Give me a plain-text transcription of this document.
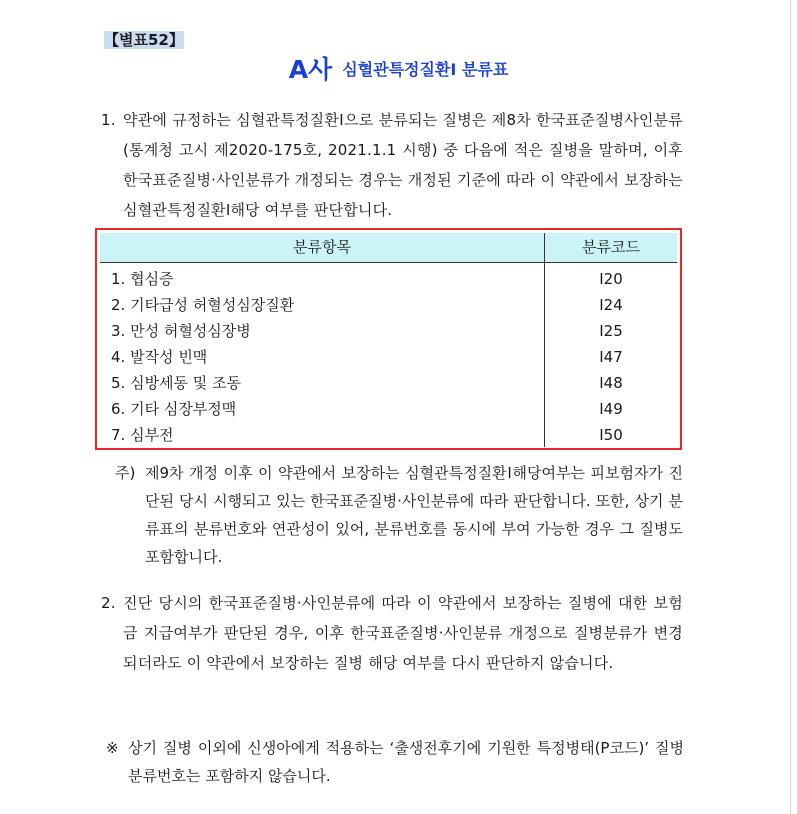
【별표52】
A사 심혈관특정질환Ⅰ 분류표
1. 약관에 규정하는 심혈관특정질환Ⅰ으로 분류되는 질병은 제8차 한국표준질병사인분류(통계청 고시 제2020-175호, 2021.1.1 시행) 중 다음에 적은 질병을 말하며, 이후 한국표준질병·사인분류가 개정되는 경우는 개정된 기준에 따라 이 약관에서 보장하는 심혈관특정질환Ⅰ해당 여부를 판단합니다.
분류항목	분류코드
1. 협심증	I20
2. 기타급성 허혈성심장질환	I24
3. 만성 허혈성심장병	I25
4. 발작성 빈맥	I47
5. 심방세동 및 조동	I48
6. 기타 심장부정맥	I49
7. 심부전	I50
주) 제9차 개정 이후 이 약관에서 보장하는 심혈관특정질환Ⅰ해당여부는 피보험자가 진단된 당시 시행되고 있는 한국표준질병·사인분류에 따라 판단합니다. 또한, 상기 분류표의 분류번호와 연관성이 있어, 분류번호를 동시에 부여 가능한 경우 그 질병도 포함합니다.
2. 진단 당시의 한국표준질병·사인분류에 따라 이 약관에서 보장하는 질병에 대한 보험금 지급여부가 판단된 경우, 이후 한국표준질병·사인분류 개정으로 질병분류가 변경되더라도 이 약관에서 보장하는 질병 해당 여부를 다시 판단하지 않습니다.
※ 상기 질병 이외에 신생아에게 적용하는 ‘출생전후기에 기원한 특정병태(P코드)’ 질병분류번호는 포함하지 않습니다.
